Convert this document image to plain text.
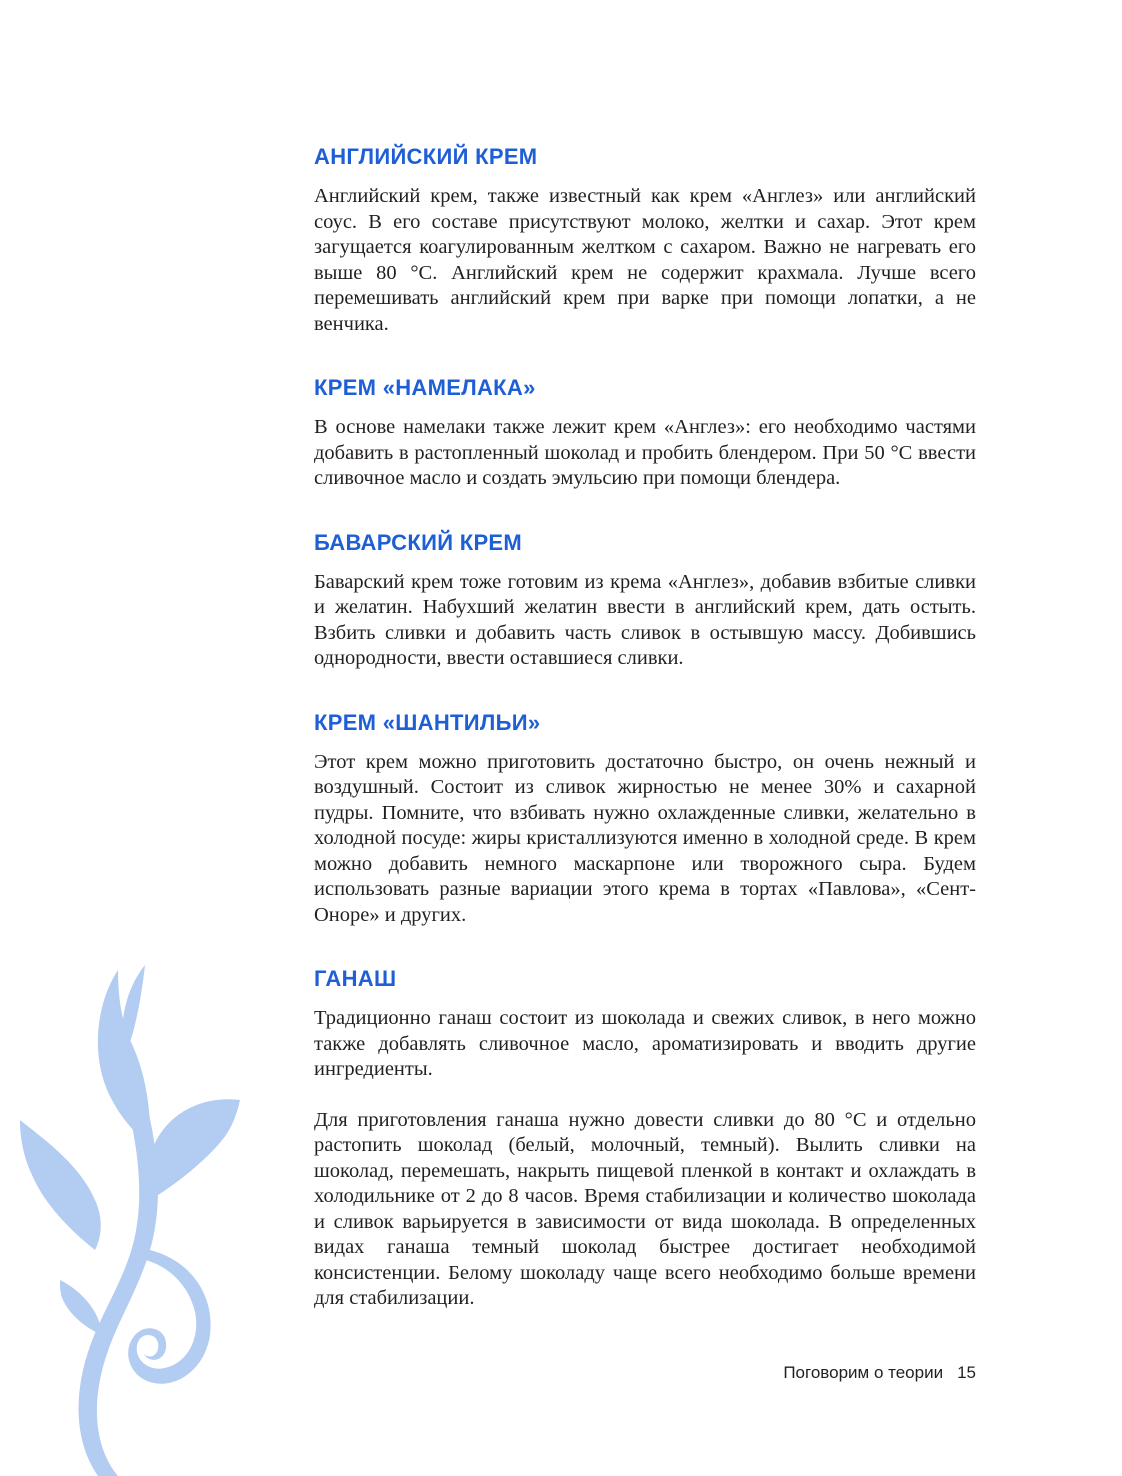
АНГЛИЙСКИЙ КРЕМ

Английский крем, также известный как крем «Англез» или английский соус. В его составе присутствуют молоко, желтки и сахар. Этот крем загущается коагулированным желтком с сахаром. Важно не нагревать его выше 80 °С. Английский крем не содержит крахмала. Лучше всего перемешивать английский крем при варке при помощи лопатки, а не венчика.

КРЕМ «НАМЕЛАКА»

В основе намелаки также лежит крем «Англез»: его необходимо частями добавить в растопленный шоколад и пробить блендером. При 50 °С ввести сливочное масло и создать эмульсию при помощи блендера.

БАВАРСКИЙ КРЕМ

Баварский крем тоже готовим из крема «Англез», добавив взбитые сливки и желатин. Набухший желатин ввести в английский крем, дать остыть. Взбить сливки и добавить часть сливок в остывшую массу. Добившись однородности, ввести оставшиеся сливки.

КРЕМ «ШАНТИЛЬИ»

Этот крем можно приготовить достаточно быстро, он очень нежный и воздушный. Состоит из сливок жирностью не менее 30% и сахарной пудры. Помните, что взбивать нужно охлажденные сливки, желательно в холодной посуде: жиры кристаллизуются именно в холодной среде. В крем можно добавить немного маскарпоне или творожного сыра. Будем использовать разные вариации этого крема в тортах «Павлова», «Сент-Оноре» и других.

ГАНАШ

Традиционно ганаш состоит из шоколада и свежих сливок, в него можно также добавлять сливочное масло, ароматизировать и вводить другие ингредиенты.

Для приготовления ганаша нужно довести сливки до 80 °С и отдельно растопить шоколад (белый, молочный, темный). Вылить сливки на шоколад, перемешать, накрыть пищевой пленкой в контакт и охлаждать в холодильнике от 2 до 8 часов. Время стабилизации и количество шоколада и сливок варьируется в зависимости от вида шоколада. В определенных видах ганаша темный шоколад быстрее достигает необходимой консистенции. Белому шоколаду чаще всего необходимо больше времени для стабилизации.

Поговорим о теории 15
